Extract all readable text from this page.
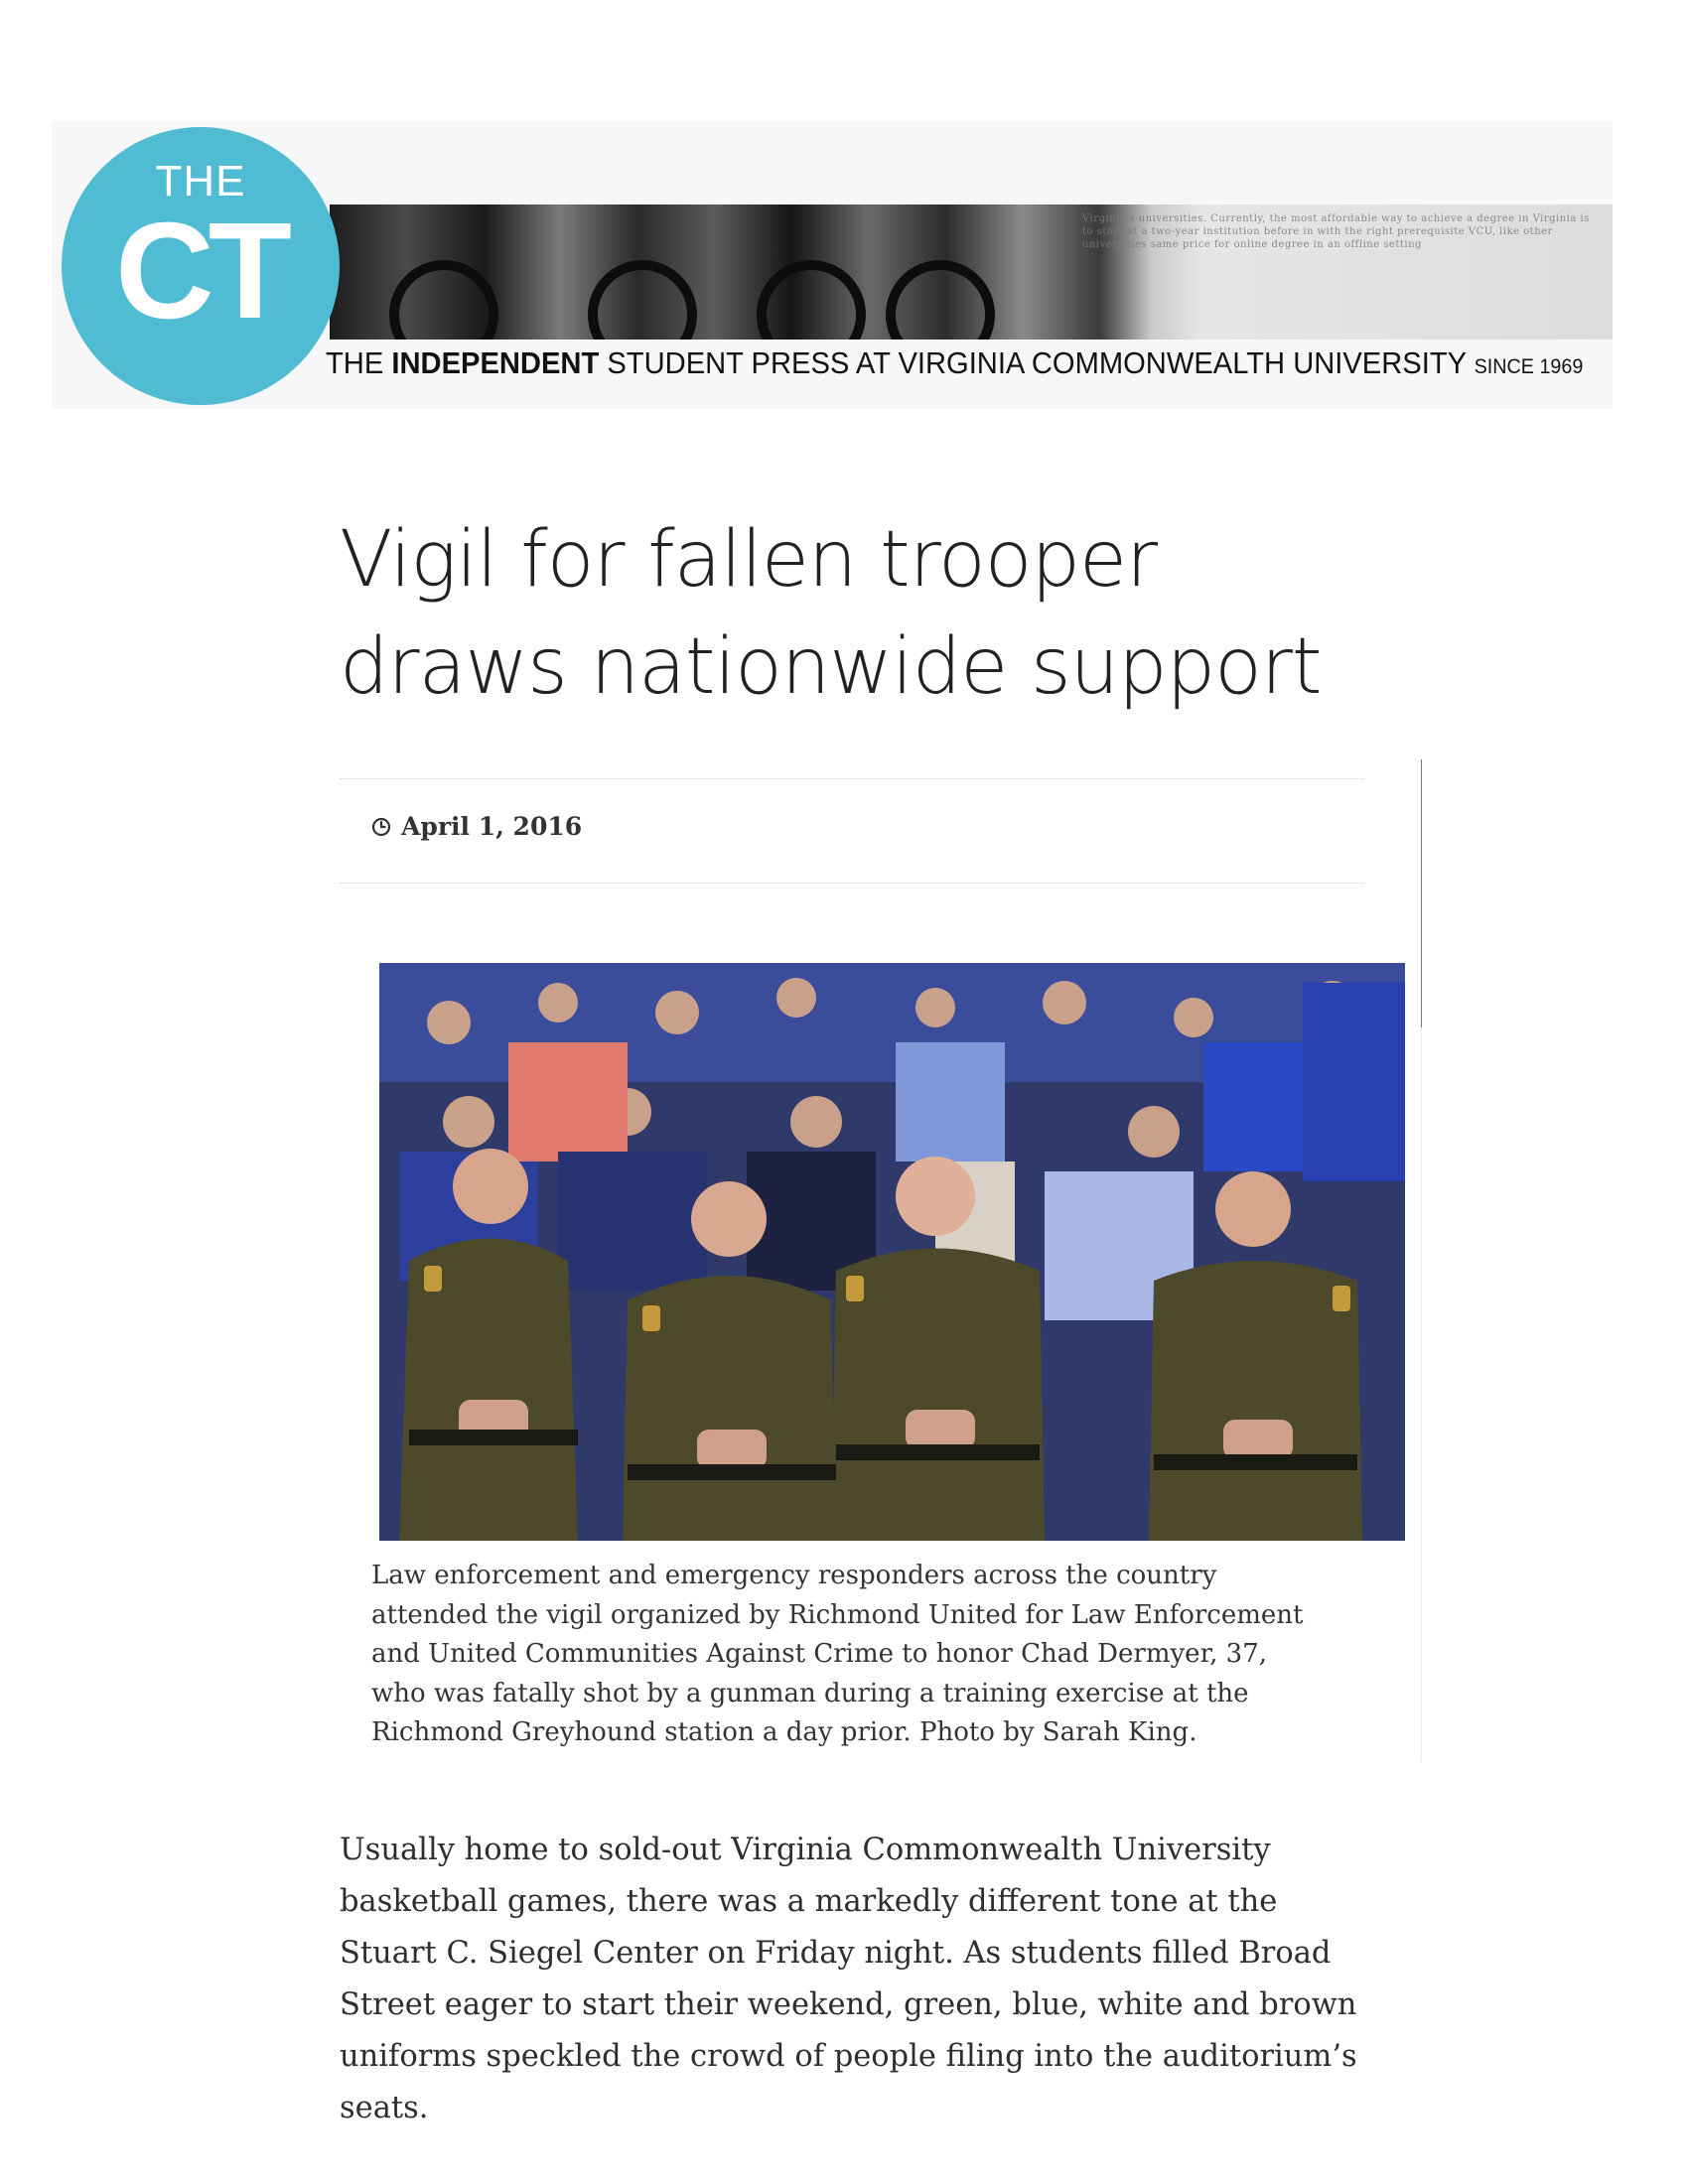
Virginia's universities. Currently, the most affordable way to achieve a degree in Virginia is to start at a two-year institution before in with the right prerequisite VCU, like other universities same price for online degree in an offline setting
THE
CT
THE INDEPENDENT STUDENT PRESS AT VIRGINIA COMMONWEALTH UNIVERSITY SINCE 1969
Vigil for fallen trooper draws nationwide support
April 1, 2016

Law enforcement and emergency responders across the country attended the vigil organized by Richmond United for Law Enforcement and United Communities Against Crime to honor Chad Dermyer, 37, who was fatally shot by a gunman during a training exercise at the Richmond Greyhound station a day prior. Photo by Sarah King.

Usually home to sold-out Virginia Commonwealth University basketball games, there was a markedly different tone at the Stuart C. Siegel Center on Friday night. As students filled Broad Street eager to start their weekend, green, blue, white and brown uniforms speckled the crowd of people filing into the auditorium’s seats.
